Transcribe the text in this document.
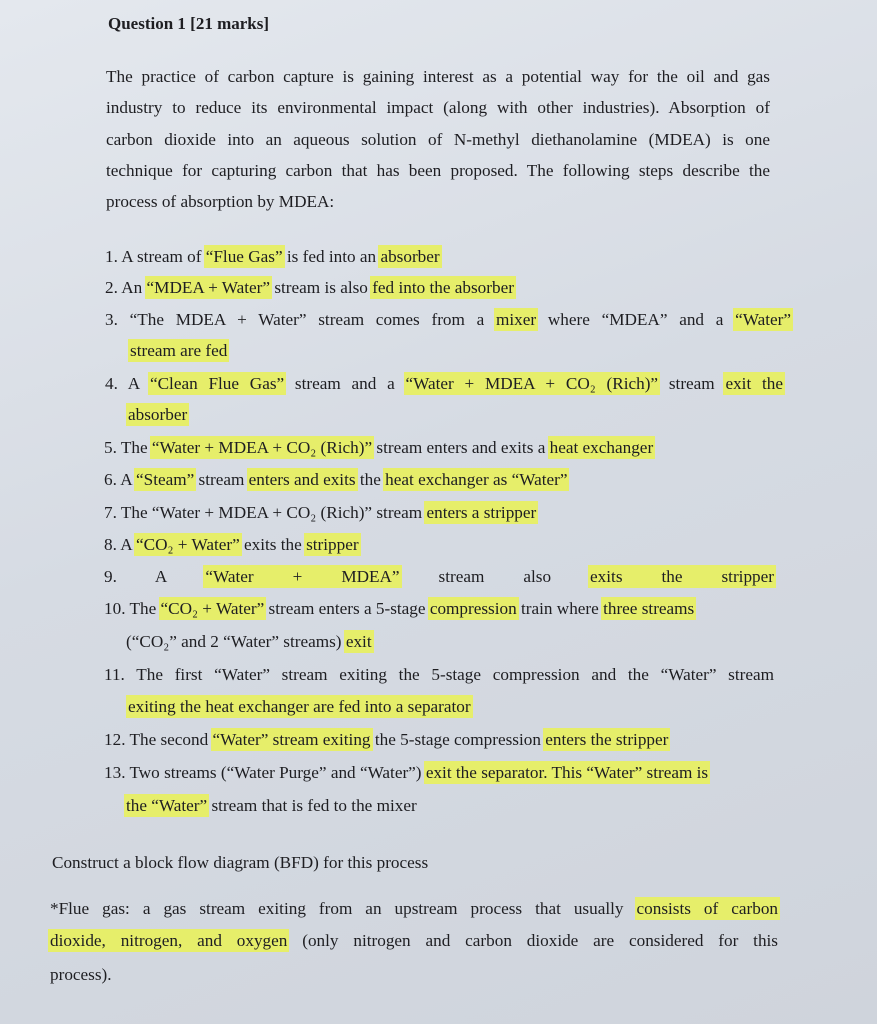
Question 1 [21 marks]
The practice of carbon capture is gaining interest as a potential way for the oil and gas
industry to reduce its environmental impact (along with other industries). Absorption of
carbon dioxide into an aqueous solution of N-methyl diethanolamine (MDEA) is one
technique for capturing carbon that has been proposed. The following steps describe the
process of absorption by MDEA:
1. A stream of “Flue Gas” is fed into an absorber
2. An “MDEA + Water” stream is also fed into the absorber
3. “The MDEA + Water” stream comes from a mixer where “MDEA” and a “Water”
stream are fed
4. A “Clean Flue Gas” stream and a “Water + MDEA + CO₂ (Rich)” stream exit the
absorber
5. The “Water + MDEA + CO₂ (Rich)” stream enters and exits a heat exchanger
6. A “Steam” stream enters and exits the heat exchanger as “Water”
7. The “Water + MDEA + CO₂ (Rich)” stream enters a stripper
8. A “CO₂ + Water” exits the stripper
9. A “Water + MDEA” stream also exits the stripper
10. The “CO₂ + Water” stream enters a 5-stage compression train where three streams
(“CO₂” and 2 “Water” streams) exit
11. The first “Water” stream exiting the 5-stage compression and the “Water” stream
exiting the heat exchanger are fed into a separator
12. The second “Water” stream exiting the 5-stage compression enters the stripper
13. Two streams (“Water Purge” and “Water”) exit the separator. This “Water” stream is
the “Water” stream that is fed to the mixer
Construct a block flow diagram (BFD) for this process
*Flue gas: a gas stream exiting from an upstream process that usually consists of carbon
dioxide, nitrogen, and oxygen (only nitrogen and carbon dioxide are considered for this
process).
